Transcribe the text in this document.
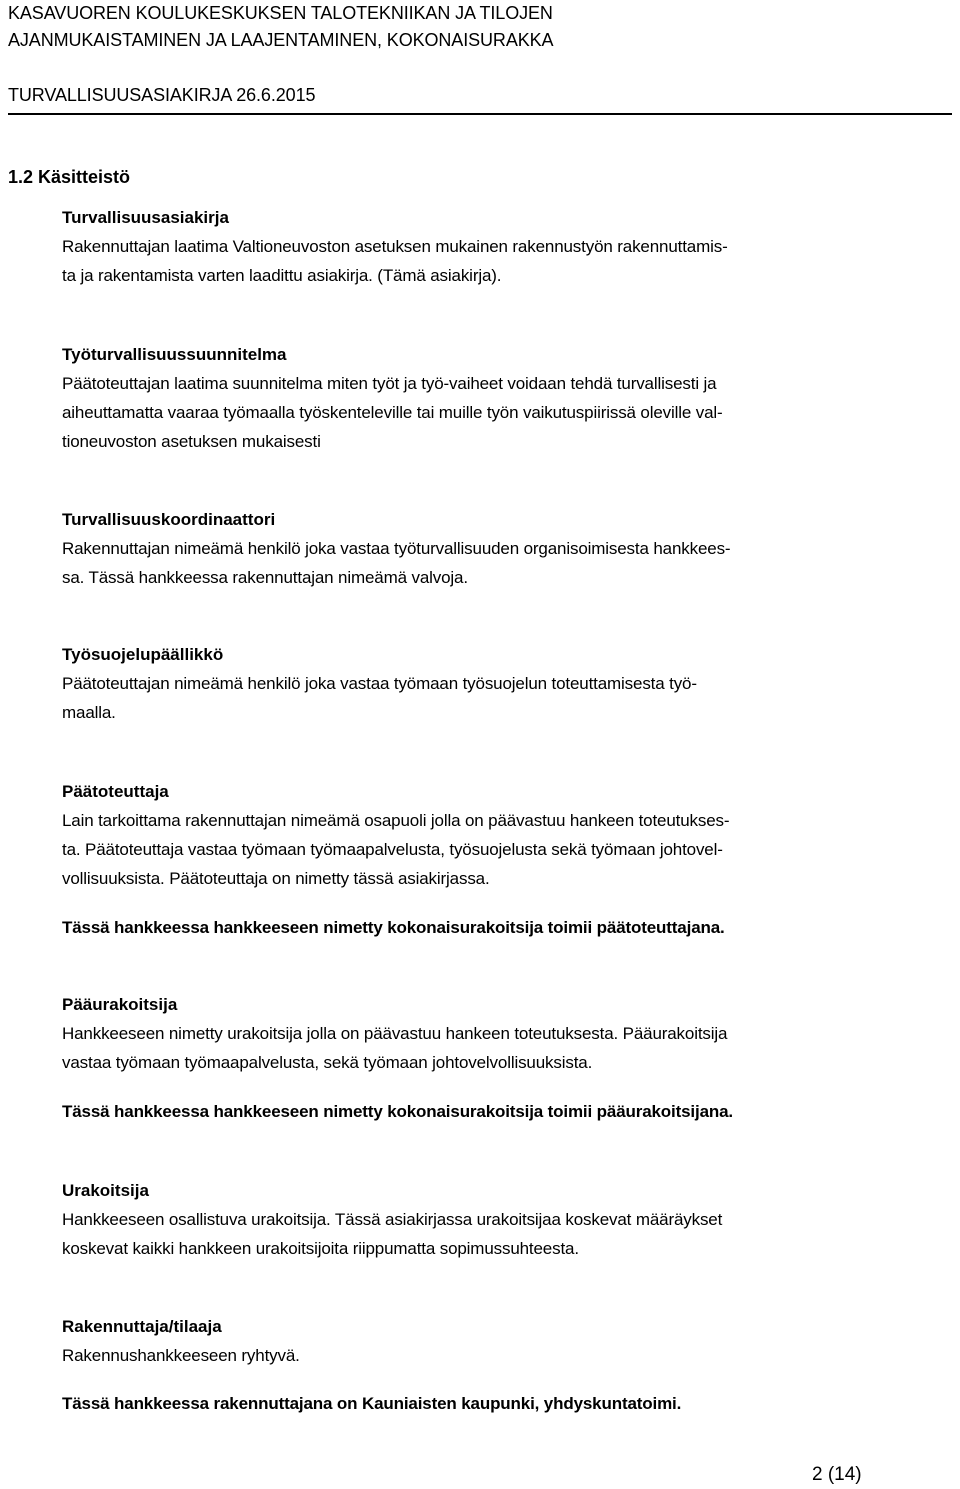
KASAVUOREN KOULUKESKUKSEN TALOTEKNIIKAN JA TILOJEN
AJANMUKAISTAMINEN JA LAAJENTAMINEN, KOKONAISURAKKA
TURVALLISUUSASIAKIRJA 26.6.2015
1.2 Käsitteistö
Turvallisuusasiakirja
Rakennuttajan laatima Valtioneuvoston asetuksen mukainen rakennustyön rakennuttamis-
ta ja rakentamista varten laadittu asiakirja. (Tämä asiakirja).
Työturvallisuussuunnitelma
Päätoteuttajan laatima suunnitelma miten työt ja työ-vaiheet voidaan tehdä turvallisesti ja
aiheuttamatta vaaraa työmaalla työskenteleville tai muille työn vaikutuspiirissä oleville val-
tioneuvoston asetuksen mukaisesti
Turvallisuuskoordinaattori
Rakennuttajan nimeämä henkilö joka vastaa työturvallisuuden organisoimisesta hankkees-
sa. Tässä hankkeessa rakennuttajan nimeämä valvoja.
Työsuojelupäällikkö
Päätoteuttajan nimeämä henkilö joka vastaa työmaan työsuojelun toteuttamisesta työ-
maalla.
Päätoteuttaja
Lain tarkoittama rakennuttajan nimeämä osapuoli jolla on päävastuu hankeen toteutukses-
ta. Päätoteuttaja vastaa työmaan työmaapalvelusta, työsuojelusta sekä työmaan johtovel-
vollisuuksista. Päätoteuttaja on nimetty tässä asiakirjassa.
Tässä hankkeessa hankkeeseen nimetty kokonaisurakoitsija toimii päätoteuttajana.
Pääurakoitsija
Hankkeeseen nimetty urakoitsija jolla on päävastuu hankeen toteutuksesta. Pääurakoitsija
vastaa työmaan työmaapalvelusta, sekä työmaan johtovelvollisuuksista.
Tässä hankkeessa hankkeeseen nimetty kokonaisurakoitsija toimii pääurakoitsijana.
Urakoitsija
Hankkeeseen osallistuva urakoitsija. Tässä asiakirjassa urakoitsijaa koskevat määräykset
koskevat kaikki hankkeen urakoitsijoita riippumatta sopimussuhteesta.
Rakennuttaja/tilaaja
Rakennushankkeeseen ryhtyvä.
Tässä hankkeessa rakennuttajana on Kauniaisten kaupunki, yhdyskuntatoimi.
2 (14)
